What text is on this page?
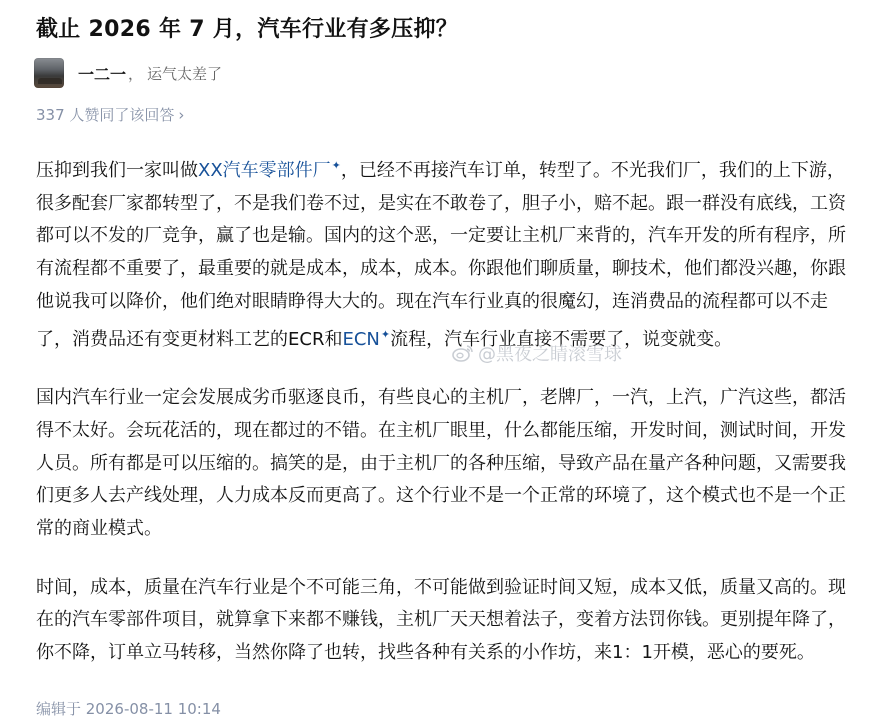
截止 2026 年 7 月，汽车行业有多压抑？
一二一 ， 运气太差了
337 人赞同了该回答 ›

压抑到我们一家叫做XX汽车零部件厂✦，已经不再接汽车订单，转型了。不光我们厂，我们的上下游，很多配套厂家都转型了，不是我们卷不过，是实在不敢卷了，胆子小，赔不起。跟一群没有底线，工资都可以不发的厂竞争，赢了也是输。国内的这个恶，一定要让主机厂来背的，汽车开发的所有程序，所有流程都不重要了，最重要的就是成本，成本，成本。你跟他们聊质量，聊技术，他们都没兴趣，你跟他说我可以降价，他们绝对眼睛睁得大大的。现在汽车行业真的很魔幻，连消费品的流程都可以不走了，消费品还有变更材料工艺的ECR和ECN✦流程，汽车行业直接不需要了，说变就变。

国内汽车行业一定会发展成劣币驱逐良币，有些良心的主机厂，老牌厂，一汽，上汽，广汽这些，都活得不太好。会玩花活的，现在都过的不错。在主机厂眼里，什么都能压缩，开发时间，测试时间，开发人员。所有都是可以压缩的。搞笑的是，由于主机厂的各种压缩，导致产品在量产各种问题，又需要我们更多人去产线处理，人力成本反而更高了。这个行业不是一个正常的环境了，这个模式也不是一个正常的商业模式。

时间，成本，质量在汽车行业是个不可能三角，不可能做到验证时间又短，成本又低，质量又高的。现在的汽车零部件项目，就算拿下来都不赚钱，主机厂天天想着法子，变着方法罚你钱。更别提年降了，你不降，订单立马转移，当然你降了也转，找些各种有关系的小作坊，来1：1开模，恶心的要死。

@黑夜之睛滚雪球
编辑于 2026-08-11 10:14
